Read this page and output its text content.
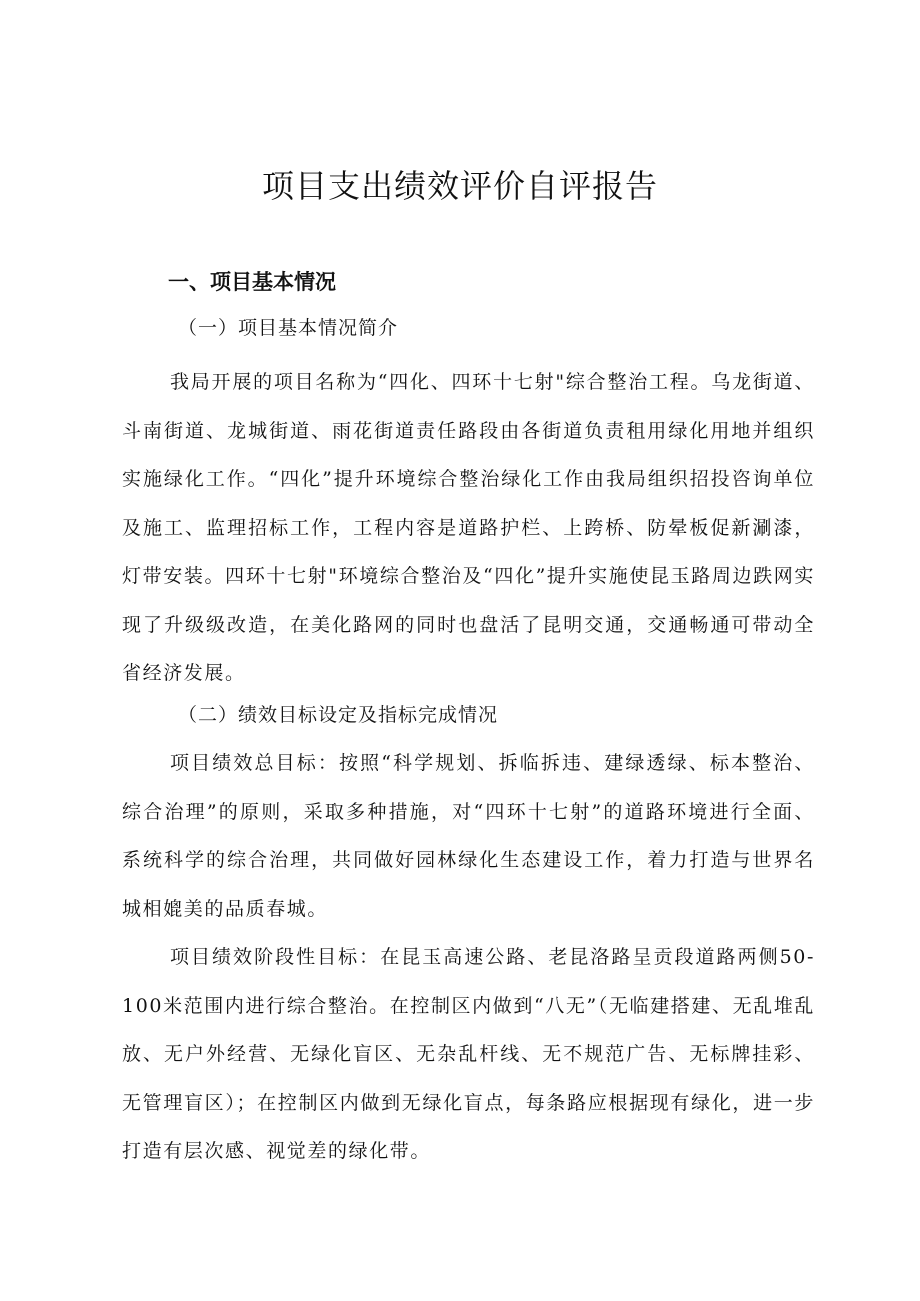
项目支出绩效评价自评报告
一、项目基本情况
（一）项目基本情况简介

我局开展的项目名称为“四化、四环十七射"综合整治工程。乌龙街道、斗南街道、龙城街道、雨花街道责任路段由各街道负责租用绿化用地并组织实施绿化工作。“四化”提升环境综合整治绿化工作由我局组织招投咨询单位及施工、监理招标工作，工程内容是道路护栏、上跨桥、防晕板促新涮漆，灯带安装。四环十七射"环境综合整治及“四化”提升实施使昆玉路周边跌网实现了升级级改造，在美化路网的同时也盘活了昆明交通，交通畅通可带动全省经济发展。

（二）绩效目标设定及指标完成情况

项目绩效总目标：按照“科学规划、拆临拆违、建绿透绿、标本整治、综合治理”的原则，采取多种措施，对“四环十七射”的道路环境进行全面、系统科学的综合治理，共同做好园林绿化生态建设工作，着力打造与世界名城相媲美的品质春城。

项目绩效阶段性目标：在昆玉高速公路、老昆洛路呈贡段道路两侧50-100米范围内进行综合整治。在控制区内做到“八无”（无临建搭建、无乱堆乱放、无户外经营、无绿化盲区、无杂乱杆线、无不规范广告、无标牌挂彩、无管理盲区）；在控制区内做到无绿化盲点，每条路应根据现有绿化，进一步打造有层次感、视觉差的绿化带。
